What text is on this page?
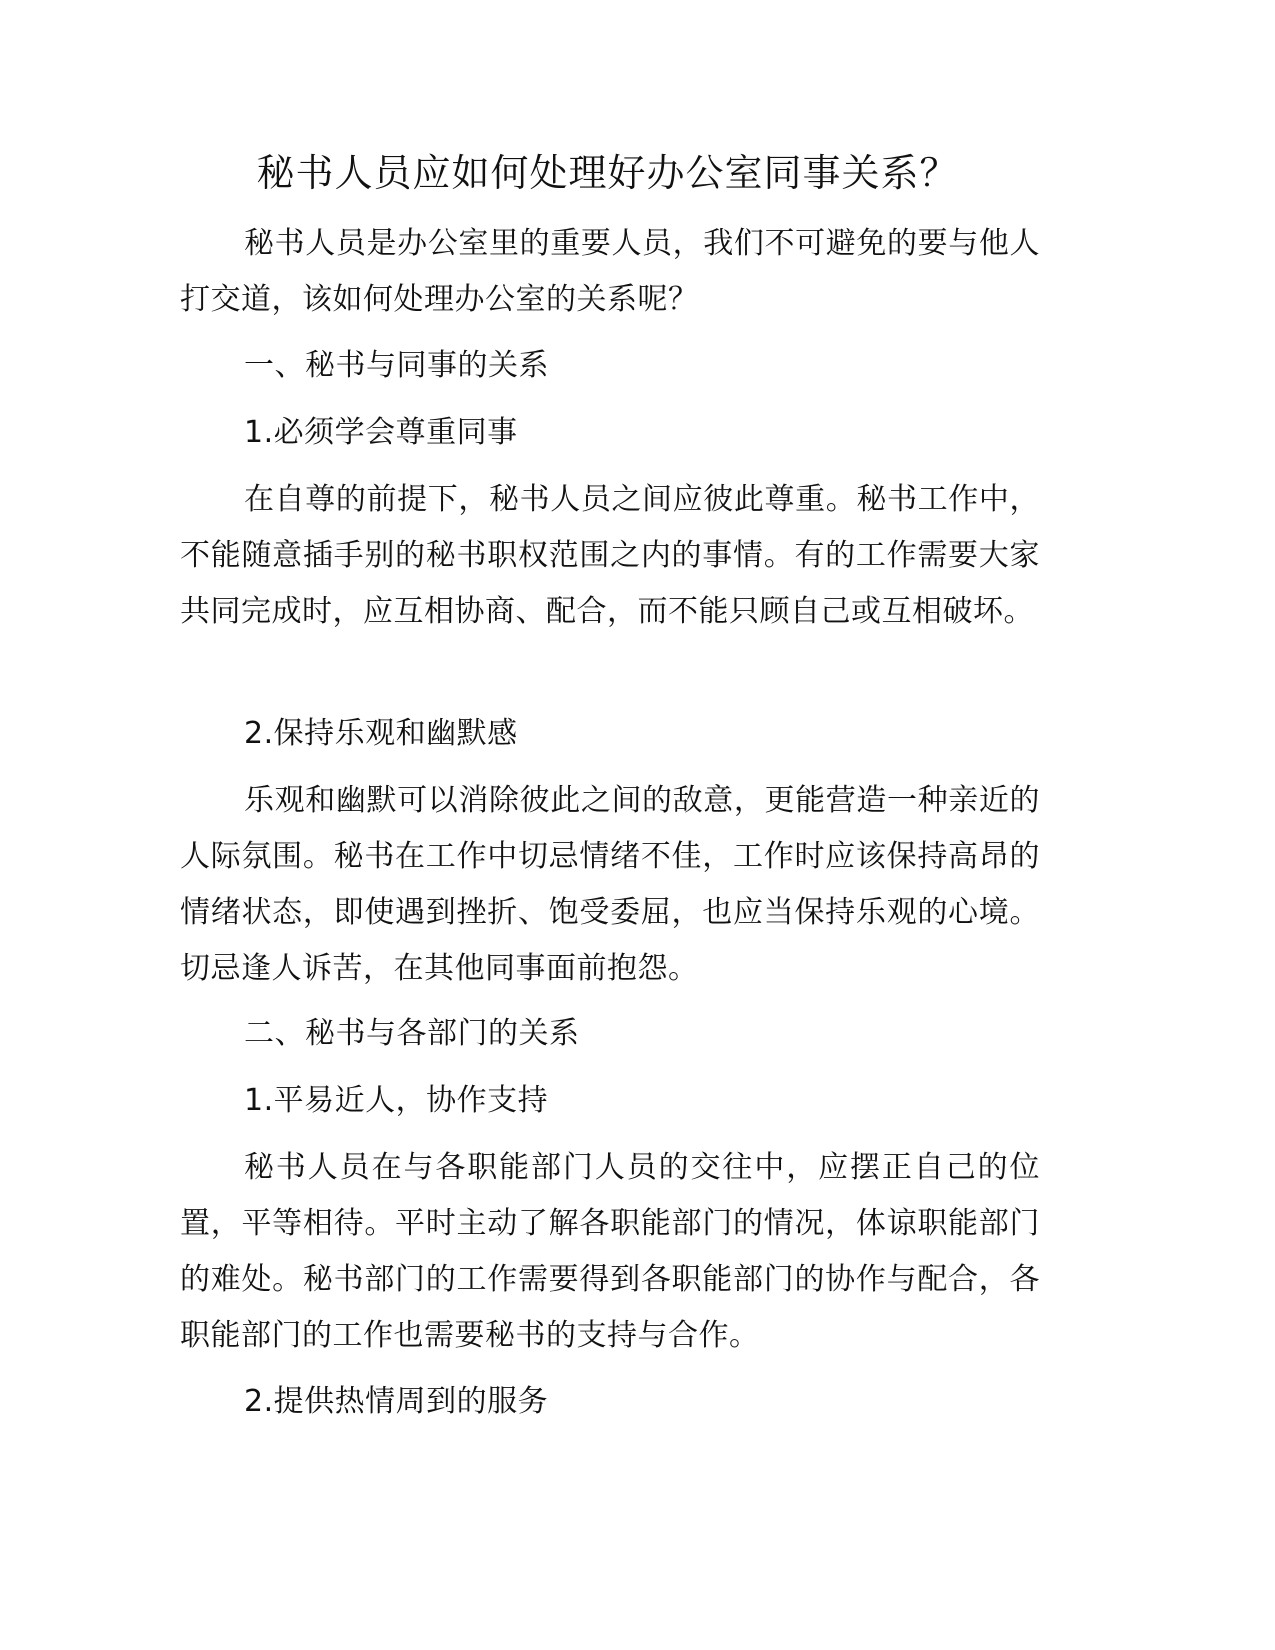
秘书人员应如何处理好办公室同事关系？

秘书人员是办公室里的重要人员，我们不可避免的要与他人打交道，该如何处理办公室的关系呢？

一、秘书与同事的关系

1.必须学会尊重同事

在自尊的前提下，秘书人员之间应彼此尊重。秘书工作中，不能随意插手别的秘书职权范围之内的事情。有的工作需要大家共同完成时，应互相协商、配合，而不能只顾自己或互相破坏。

2.保持乐观和幽默感

乐观和幽默可以消除彼此之间的敌意，更能营造一种亲近的人际氛围。秘书在工作中切忌情绪不佳，工作时应该保持高昂的情绪状态，即使遇到挫折、饱受委屈，也应当保持乐观的心境。切忌逢人诉苦，在其他同事面前抱怨。

二、秘书与各部门的关系

1.平易近人，协作支持

秘书人员在与各职能部门人员的交往中，应摆正自己的位置，平等相待。平时主动了解各职能部门的情况，体谅职能部门的难处。秘书部门的工作需要得到各职能部门的协作与配合，各职能部门的工作也需要秘书的支持与合作。

2.提供热情周到的服务
